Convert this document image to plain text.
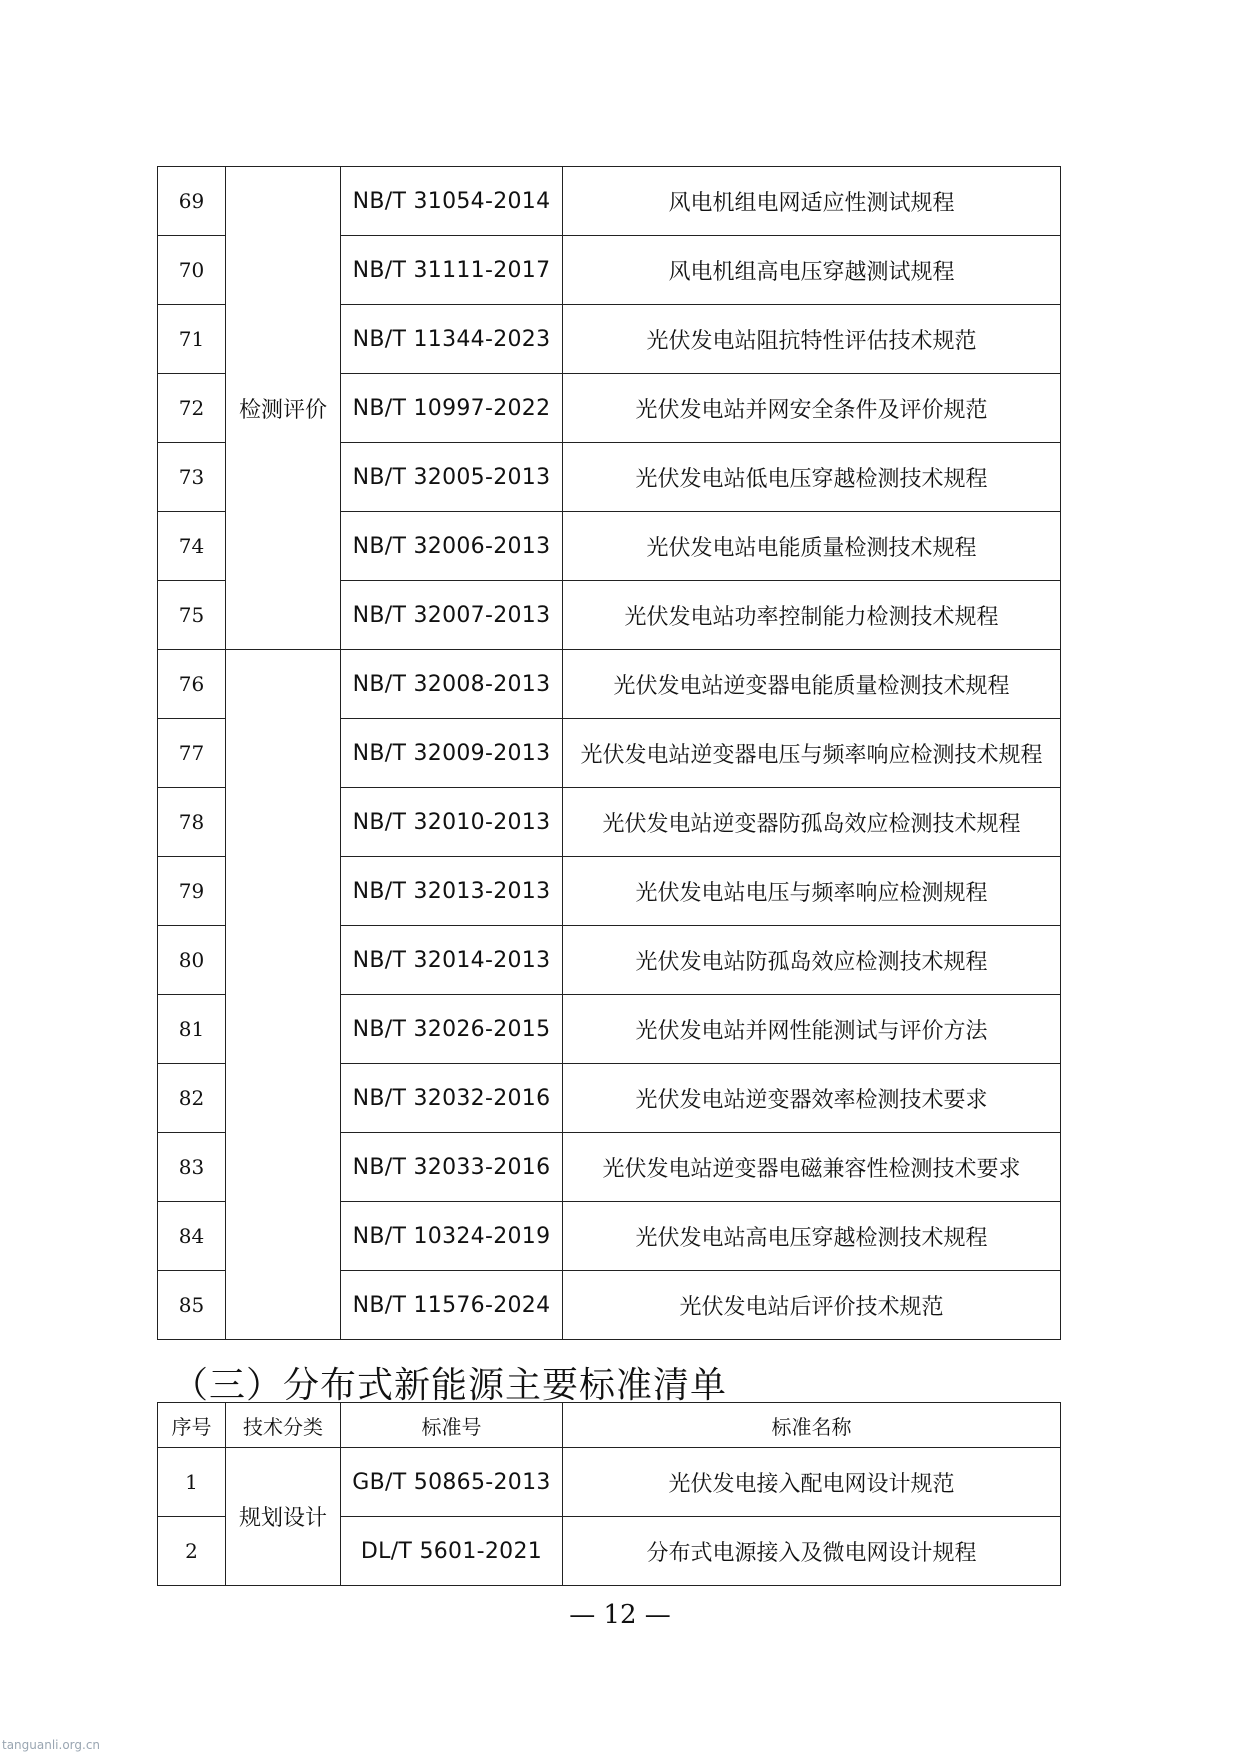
69	检测评价	NB/T 31054-2014	风电机组电网适应性测试规程
70		NB/T 31111-2017	风电机组高电压穿越测试规程
71		NB/T 11344-2023	光伏发电站阻抗特性评估技术规范
72		NB/T 10997-2022	光伏发电站并网安全条件及评价规范
73		NB/T 32005-2013	光伏发电站低电压穿越检测技术规程
74		NB/T 32006-2013	光伏发电站电能质量检测技术规程
75		NB/T 32007-2013	光伏发电站功率控制能力检测技术规程
76		NB/T 32008-2013	光伏发电站逆变器电能质量检测技术规程
77		NB/T 32009-2013	光伏发电站逆变器电压与频率响应检测技术规程
78		NB/T 32010-2013	光伏发电站逆变器防孤岛效应检测技术规程
79		NB/T 32013-2013	光伏发电站电压与频率响应检测规程
80		NB/T 32014-2013	光伏发电站防孤岛效应检测技术规程
81		NB/T 32026-2015	光伏发电站并网性能测试与评价方法
82		NB/T 32032-2016	光伏发电站逆变器效率检测技术要求
83		NB/T 32033-2016	光伏发电站逆变器电磁兼容性检测技术要求
84		NB/T 10324-2019	光伏发电站高电压穿越检测技术规程
85		NB/T 11576-2024	光伏发电站后评价技术规范
（三）分布式新能源主要标准清单
序号	技术分类	标准号	标准名称
1	规划设计	GB/T 50865-2013	光伏发电接入配电网设计规范
2		DL/T 5601-2021	分布式电源接入及微电网设计规程
— 12 —
tanguanli.org.cn
